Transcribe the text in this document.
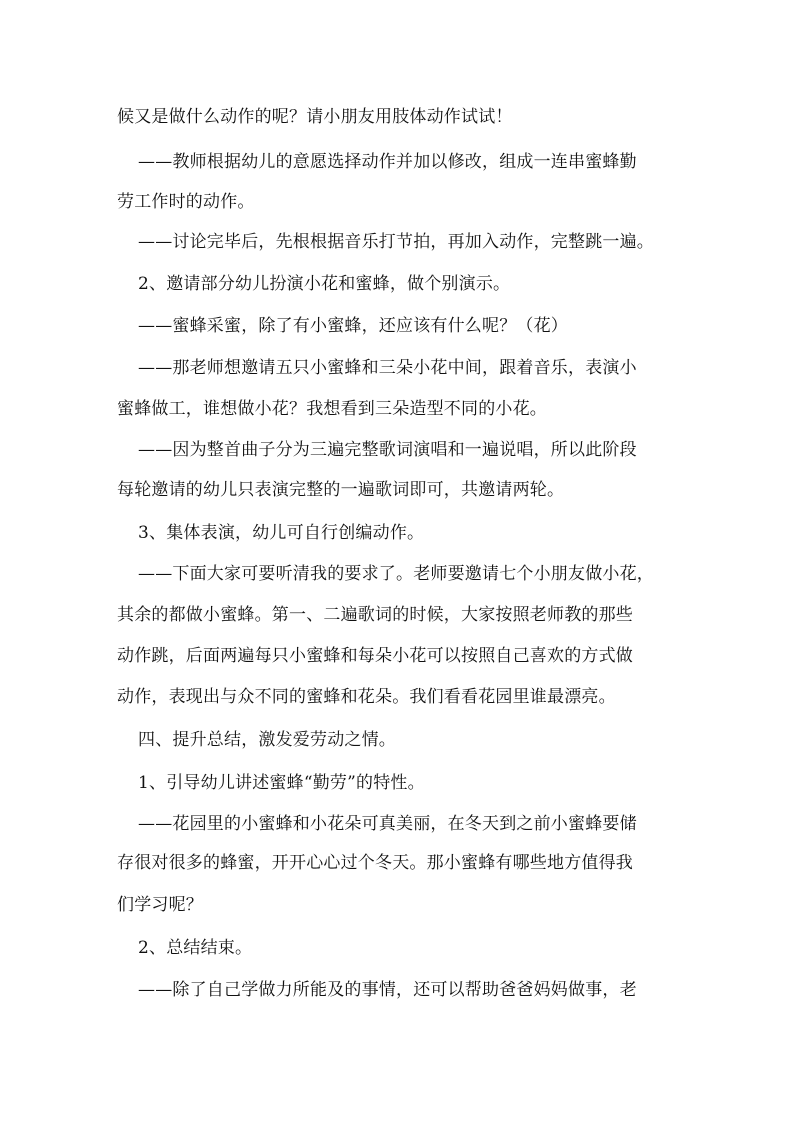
候又是做什么动作的呢？请小朋友用肢体动作试试！
——教师根据幼儿的意愿选择动作并加以修改，组成一连串蜜蜂勤
劳工作时的动作。
——讨论完毕后，先根根据音乐打节拍，再加入动作，完整跳一遍。
2、邀请部分幼儿扮演小花和蜜蜂，做个别演示。
——蜜蜂采蜜，除了有小蜜蜂，还应该有什么呢？（花）
——那老师想邀请五只小蜜蜂和三朵小花中间，跟着音乐，表演小
蜜蜂做工，谁想做小花？我想看到三朵造型不同的小花。
——因为整首曲子分为三遍完整歌词演唱和一遍说唱，所以此阶段
每轮邀请的幼儿只表演完整的一遍歌词即可，共邀请两轮。
3、集体表演，幼儿可自行创编动作。
——下面大家可要听清我的要求了。老师要邀请七个小朋友做小花，
其余的都做小蜜蜂。第一、二遍歌词的时候，大家按照老师教的那些
动作跳，后面两遍每只小蜜蜂和每朵小花可以按照自己喜欢的方式做
动作，表现出与众不同的蜜蜂和花朵。我们看看花园里谁最漂亮。
四、提升总结，激发爱劳动之情。
1、引导幼儿讲述蜜蜂“勤劳”的特性。
——花园里的小蜜蜂和小花朵可真美丽，在冬天到之前小蜜蜂要储
存很对很多的蜂蜜，开开心心过个冬天。那小蜜蜂有哪些地方值得我
们学习呢？
2、总结结束。
——除了自己学做力所能及的事情，还可以帮助爸爸妈妈做事，老
